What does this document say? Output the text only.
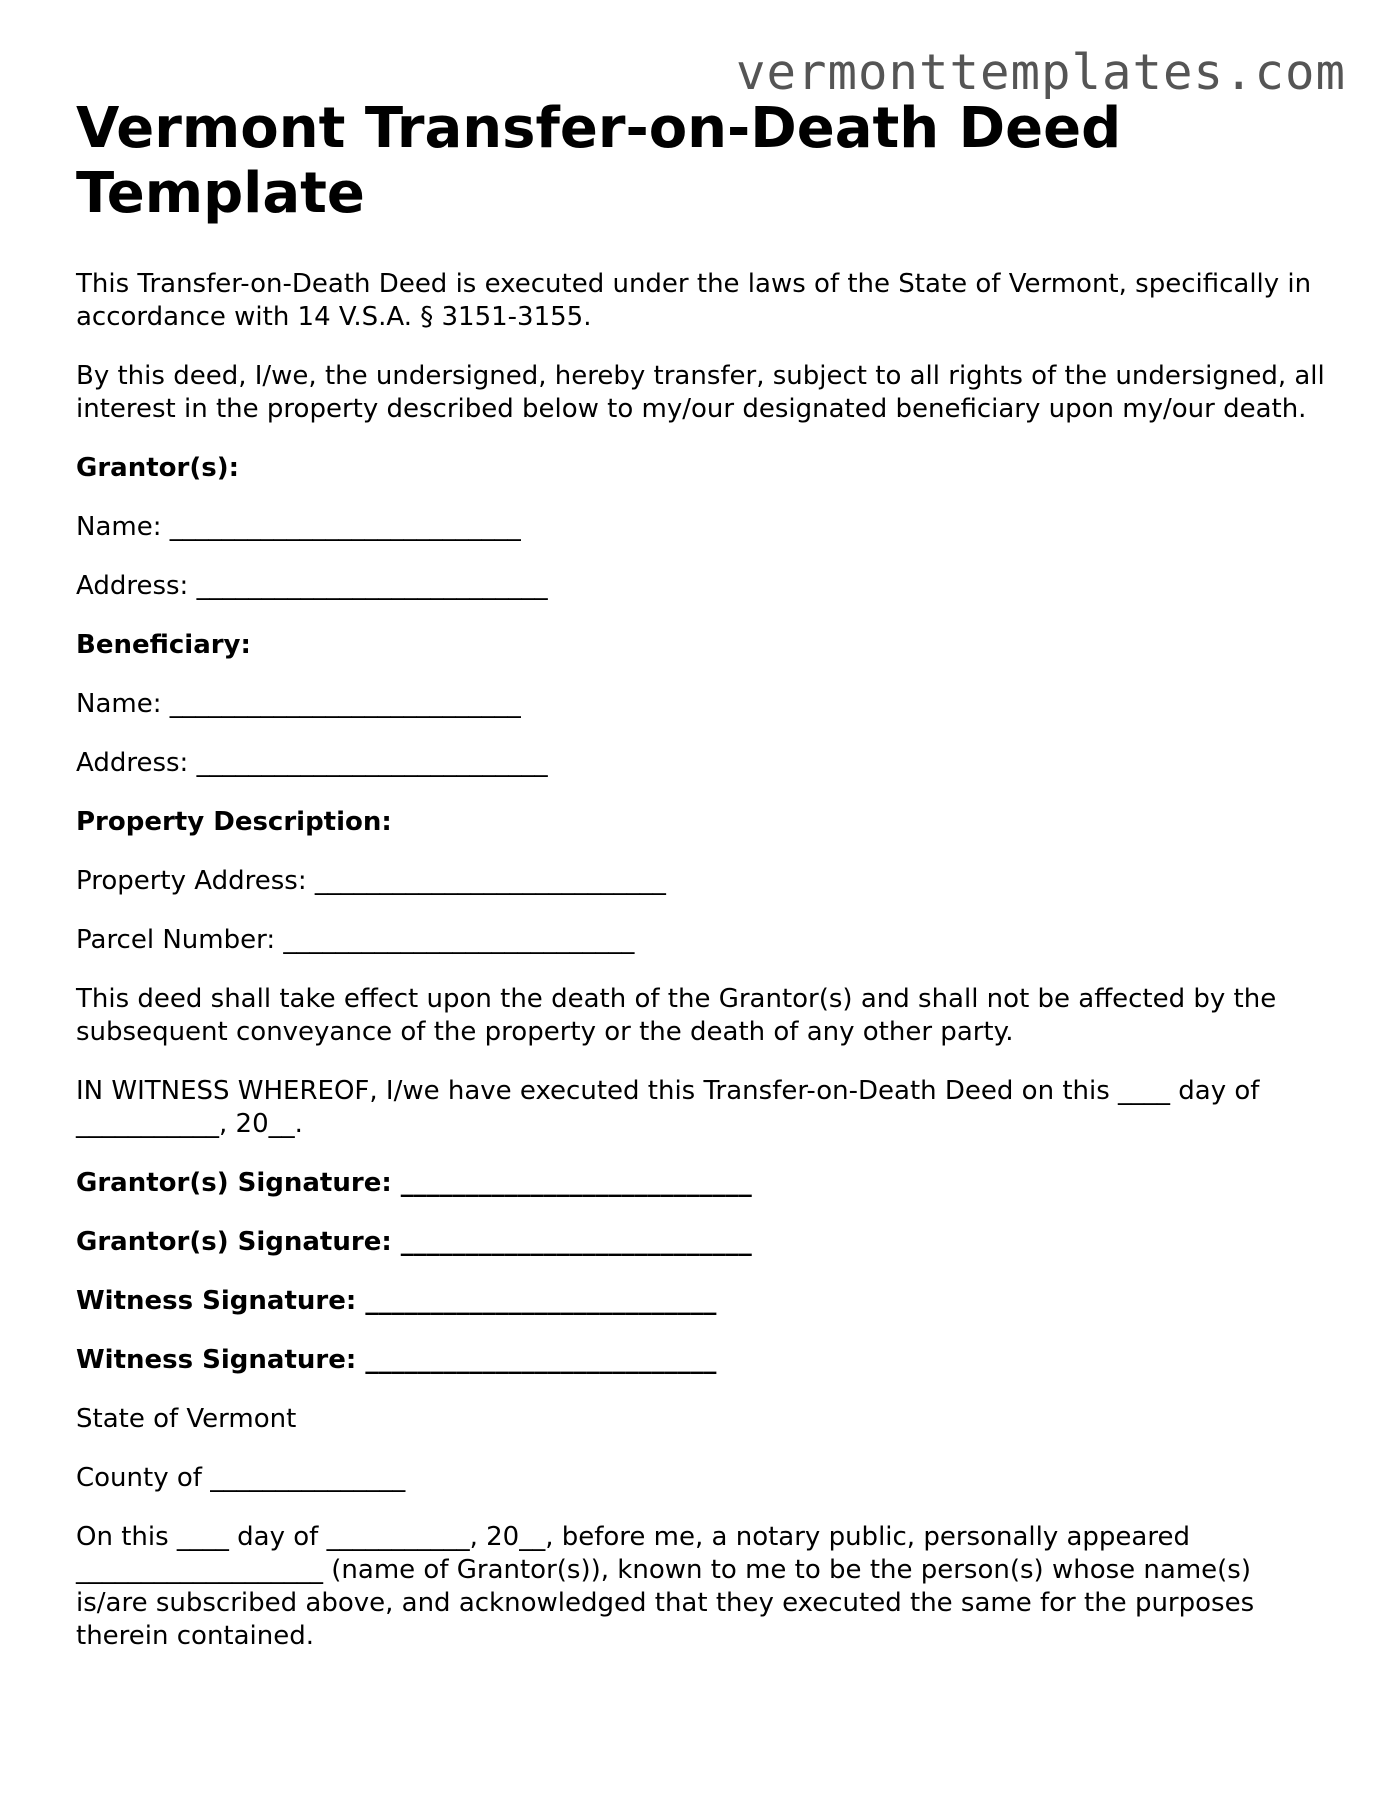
vermonttemplates.com
Vermont Transfer-on-Death Deed Template

This Transfer-on-Death Deed is executed under the laws of the State of Vermont, specifically in accordance with 14 V.S.A. § 3151-3155.

By this deed, I/we, the undersigned, hereby transfer, subject to all rights of the undersigned, all interest in the property described below to my/our designated beneficiary upon my/our death.

Grantor(s):

Name: ___________________________

Address: ___________________________

Beneficiary:

Name: ___________________________

Address: ___________________________

Property Description:

Property Address: ___________________________

Parcel Number: ___________________________

This deed shall take effect upon the death of the Grantor(s) and shall not be affected by the subsequent conveyance of the property or the death of any other party.

IN WITNESS WHEREOF, I/we have executed this Transfer-on-Death Deed on this ____ day of ___________, 20__.

Grantor(s) Signature: ___________________________

Grantor(s) Signature: ___________________________

Witness Signature: ___________________________

Witness Signature: ___________________________

State of Vermont

County of _______________

On this ____ day of ___________, 20__, before me, a notary public, personally appeared ___________________ (name of Grantor(s)), known to me to be the person(s) whose name(s) is/are subscribed above, and acknowledged that they executed the same for the purposes therein contained.
